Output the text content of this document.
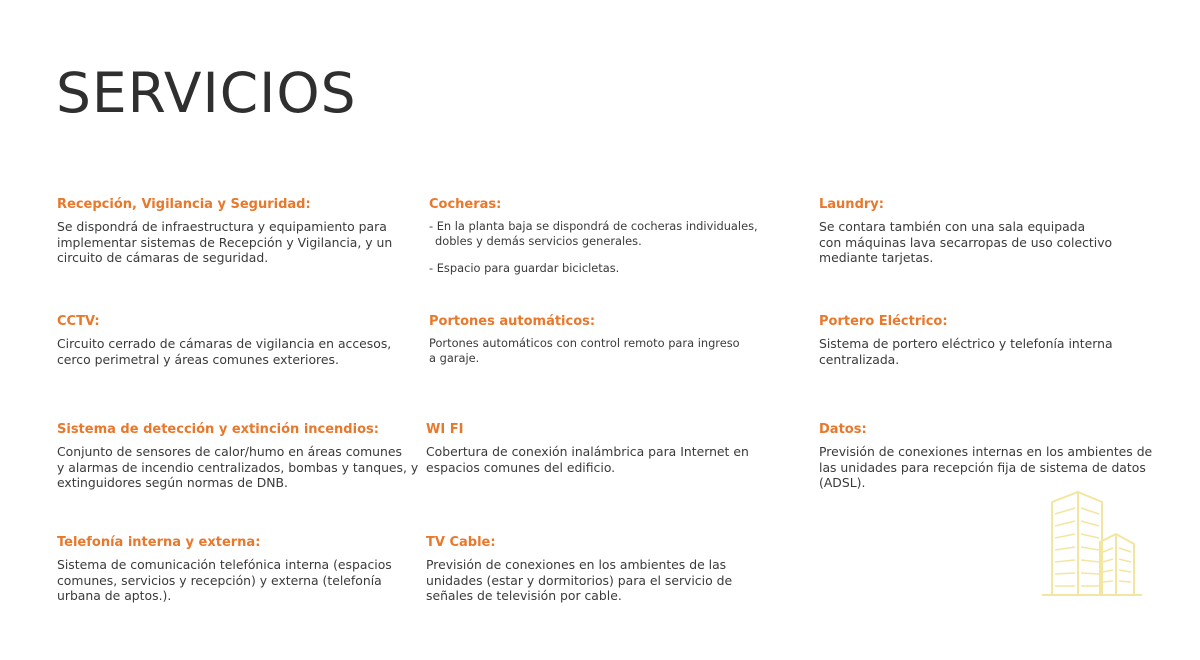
SERVICIOS
Recepción, Vigilancia y Seguridad:

Se dispondrá de infraestructura y equipamiento para

implementar sistemas de Recepción y Vigilancia, y un

circuito de cámaras de seguridad.

Cocheras:

- En la planta baja se dispondrá de cocheras individuales,

dobles y demás servicios generales.

- Espacio para guardar bicicletas.

Laundry:

Se contara también con una sala equipada

con máquinas lava secarropas de uso colectivo

mediante tarjetas.

CCTV:

Circuito cerrado de cámaras de vigilancia en accesos,

cerco perimetral y áreas comunes exteriores.

Portones automáticos:

Portones automáticos con control remoto para ingreso

a garaje.

Portero Eléctrico:

Sistema de portero eléctrico y telefonía interna

centralizada.

Sistema de detección y extinción incendios:

Conjunto de sensores de calor/humo en áreas comunes

y alarmas de incendio centralizados, bombas y tanques, y

extinguidores según normas de DNB.

WI FI

Cobertura de conexión inalámbrica para Internet en

espacios comunes del edificio.

Datos:

Previsión de conexiones internas en los ambientes de

las unidades para recepción fija de sistema de datos

(ADSL).

Telefonía interna y externa:

Sistema de comunicación telefónica interna (espacios

comunes, servicios y recepción) y externa (telefonía

urbana de aptos.).

TV Cable:

Previsión de conexiones en los ambientes de las

unidades (estar y dormitorios) para el servicio de

señales de televisión por cable.
